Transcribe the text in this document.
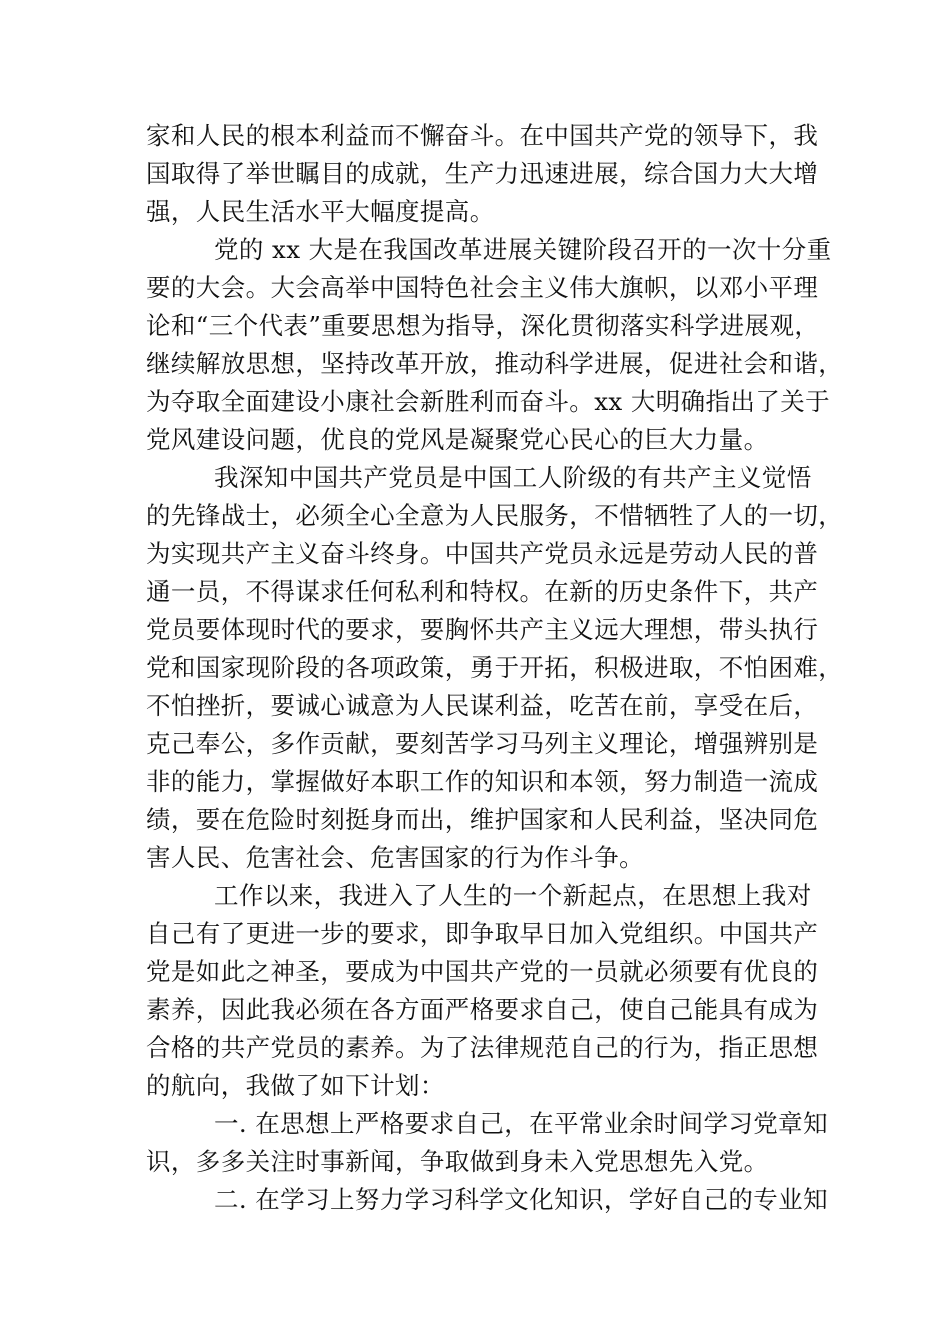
家和人民的根本利益而不懈奋斗。在中国共产党的领导下，我
国取得了举世瞩目的成就，生产力迅速进展，综合国力大大增
强，人民生活水平大幅度提高。
党的 xx 大是在我国改革进展关键阶段召开的一次十分重
要的大会。大会高举中国特色社会主义伟大旗帜，以邓小平理
论和“三个代表”重要思想为指导，深化贯彻落实科学进展观，
继续解放思想，坚持改革开放，推动科学进展，促进社会和谐，
为夺取全面建设小康社会新胜利而奋斗。xx 大明确指出了关于
党风建设问题，优良的党风是凝聚党心民心的巨大力量。
我深知中国共产党员是中国工人阶级的有共产主义觉悟
的先锋战士，必须全心全意为人民服务，不惜牺牲了人的一切，
为实现共产主义奋斗终身。中国共产党员永远是劳动人民的普
通一员，不得谋求任何私利和特权。在新的历史条件下，共产
党员要体现时代的要求，要胸怀共产主义远大理想，带头执行
党和国家现阶段的各项政策，勇于开拓，积极进取，不怕困难，
不怕挫折，要诚心诚意为人民谋利益，吃苦在前，享受在后，
克己奉公，多作贡献，要刻苦学习马列主义理论，增强辨别是
非的能力，掌握做好本职工作的知识和本领，努力制造一流成
绩，要在危险时刻挺身而出，维护国家和人民利益，坚决同危
害人民、危害社会、危害国家的行为作斗争。
工作以来，我进入了人生的一个新起点，在思想上我对
自己有了更进一步的要求，即争取早日加入党组织。中国共产
党是如此之神圣，要成为中国共产党的一员就必须要有优良的
素养，因此我必须在各方面严格要求自己，使自己能具有成为
合格的共产党员的素养。为了法律规范自己的行为，指正思想
的航向，我做了如下计划：
一. 在思想上严格要求自己，在平常业余时间学习党章知
识，多多关注时事新闻，争取做到身未入党思想先入党。
二. 在学习上努力学习科学文化知识，学好自己的专业知
